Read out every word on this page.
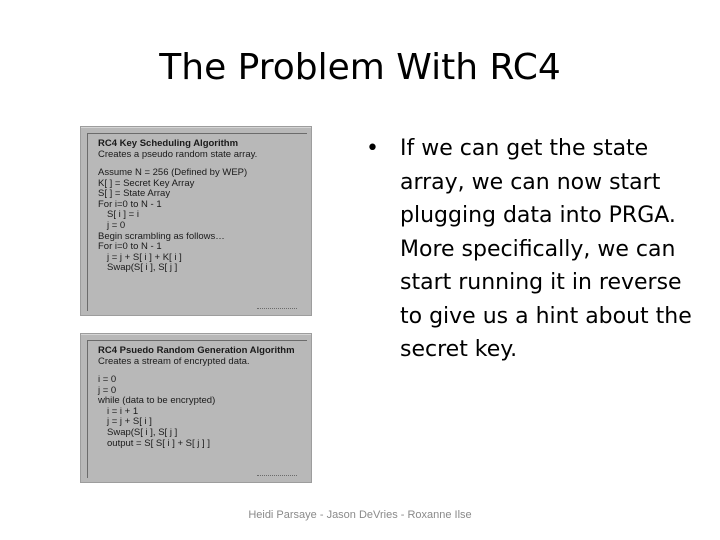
The Problem With RC4
RC4 Key Scheduling Algorithm
Creates a pseudo random state array.
Assume N = 256 (Defined by WEP)
K[ ] = Secret Key Array
S[ ] = State Array
For i=0 to N - 1
S[ i ] = i
j = 0
Begin scrambling as follows…
For i=0 to N - 1
j = j + S[ i ] + K[ i ]
Swap(S[ i ], S[ j ]
RC4 Psuedo Random Generation Algorithm
Creates a stream of encrypted data.
i = 0
j = 0
while (data to be encrypted)
i = i + 1
j = j + S[ i ]
Swap(S[ i ], S[ j ]
output = S[ S[ i ] + S[ j ] ]
• If we can get the state array, we can now start plugging data into PRGA. More specifically, we can start running it in reverse to give us a hint about the secret key.
Heidi Parsaye - Jason DeVries - Roxanne Ilse
